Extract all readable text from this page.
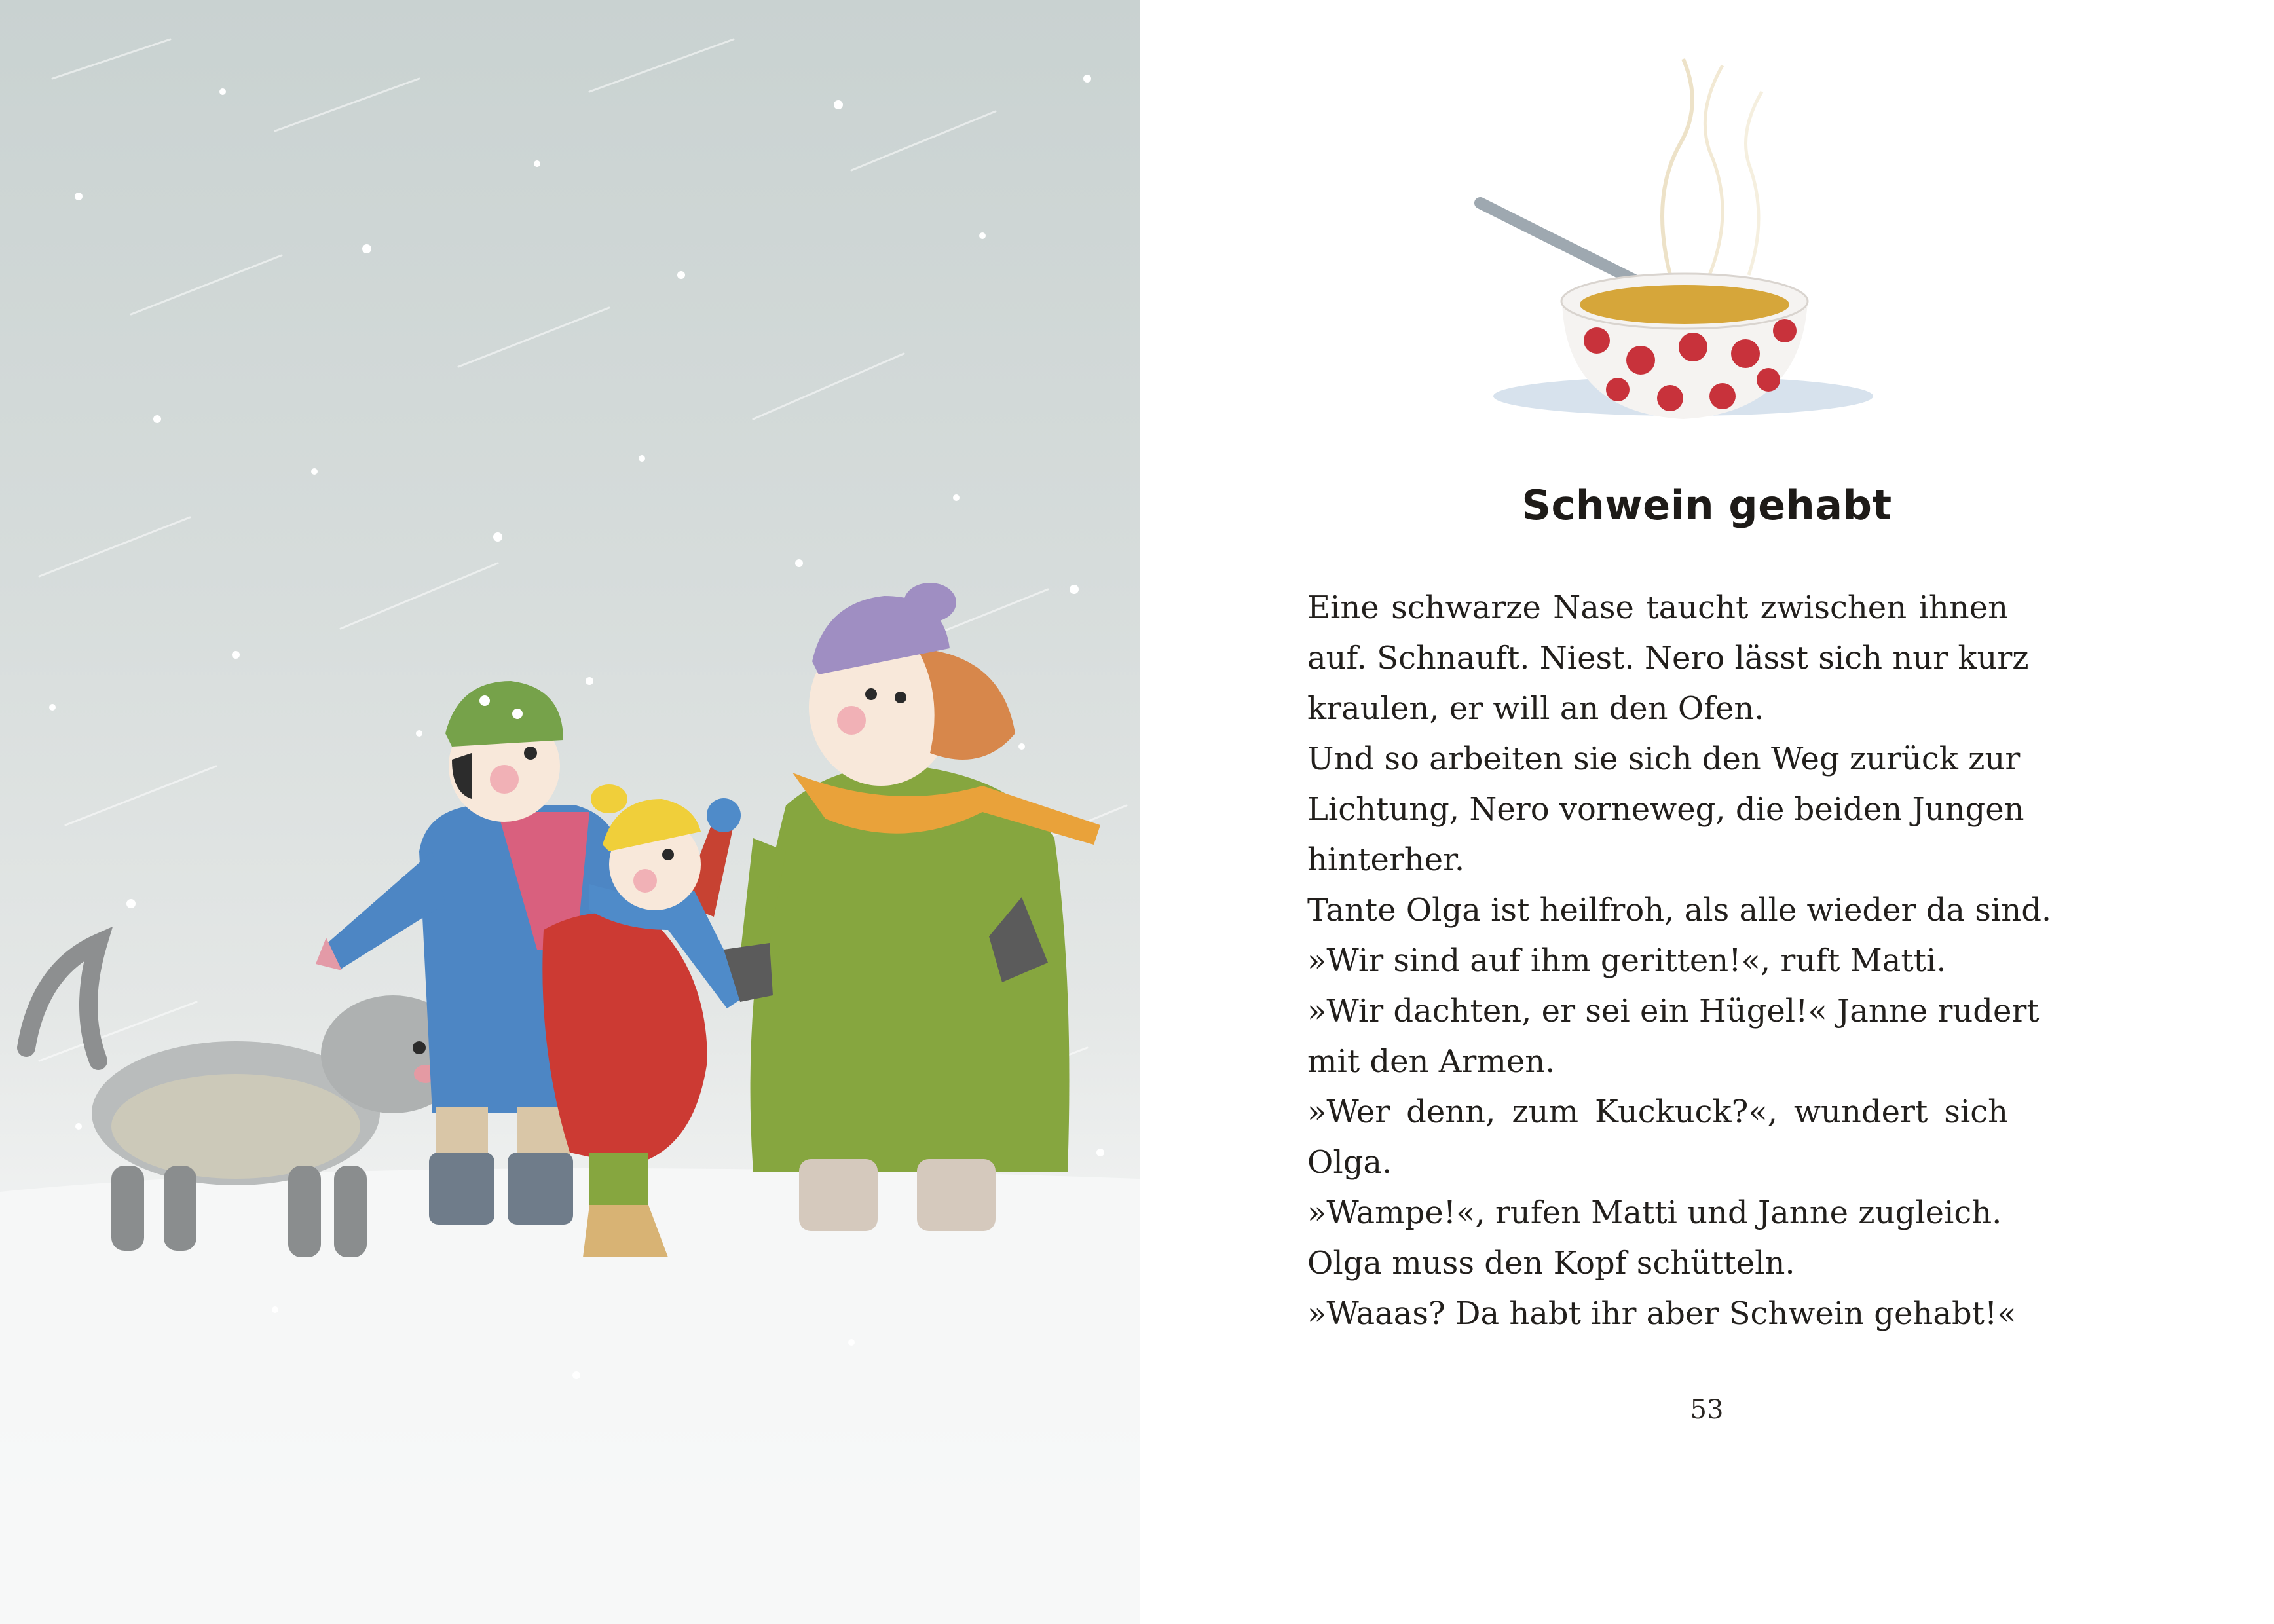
Schwein gehabt
Eine schwarze Nase taucht zwischen ihnen
auf. Schnauft. Niest. Nero lässt sich nur kurz
kraulen, er will an den Ofen.
Und so arbeiten sie sich den Weg zurück zur
Lichtung, Nero vorneweg, die beiden Jungen
hinterher.
Tante Olga ist heilfroh, als alle wieder da sind.
»Wir sind auf ihm geritten!«, ruft Matti.
»Wir dachten, er sei ein Hügel!« Janne rudert
mit den Armen.
»Wer denn, zum Kuckuck?«, wundert sich
Olga.
»Wampe!«, rufen Matti und Janne zugleich.
Olga muss den Kopf schütteln.
»Waaas? Da habt ihr aber Schwein gehabt!«
53
